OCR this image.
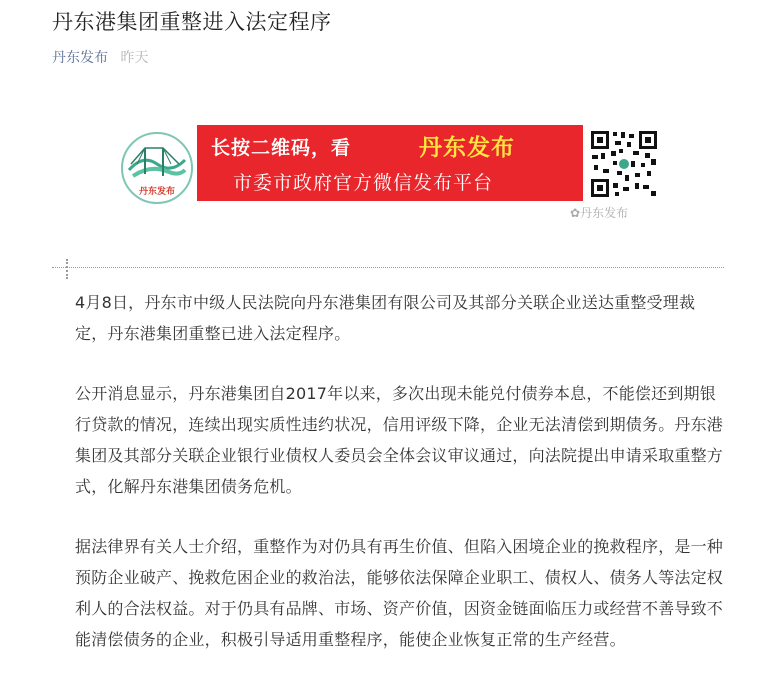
丹东港集团重整进入法定程序
丹东发布 昨天
丹东发布
长按二维码，看	丹东发布
市委市政府官方微信发布平台
✿丹东发布

4月8日，丹东市中级人民法院向丹东港集团有限公司及其部分关联企业送达重整受理裁定，丹东港集团重整已进入法定程序。

公开消息显示，丹东港集团自2017年以来，多次出现未能兑付债券本息，不能偿还到期银行贷款的情况，连续出现实质性违约状况，信用评级下降，企业无法清偿到期债务。丹东港集团及其部分关联企业银行业债权人委员会全体会议审议通过，向法院提出申请采取重整方式，化解丹东港集团债务危机。

据法律界有关人士介绍，重整作为对仍具有再生价值、但陷入困境企业的挽救程序，是一种预防企业破产、挽救危困企业的救治法，能够依法保障企业职工、债权人、债务人等法定权利人的合法权益。对于仍具有品牌、市场、资产价值，因资金链面临压力或经营不善导致不能清偿债务的企业，积极引导适用重整程序，能使企业恢复正常的生产经营。
